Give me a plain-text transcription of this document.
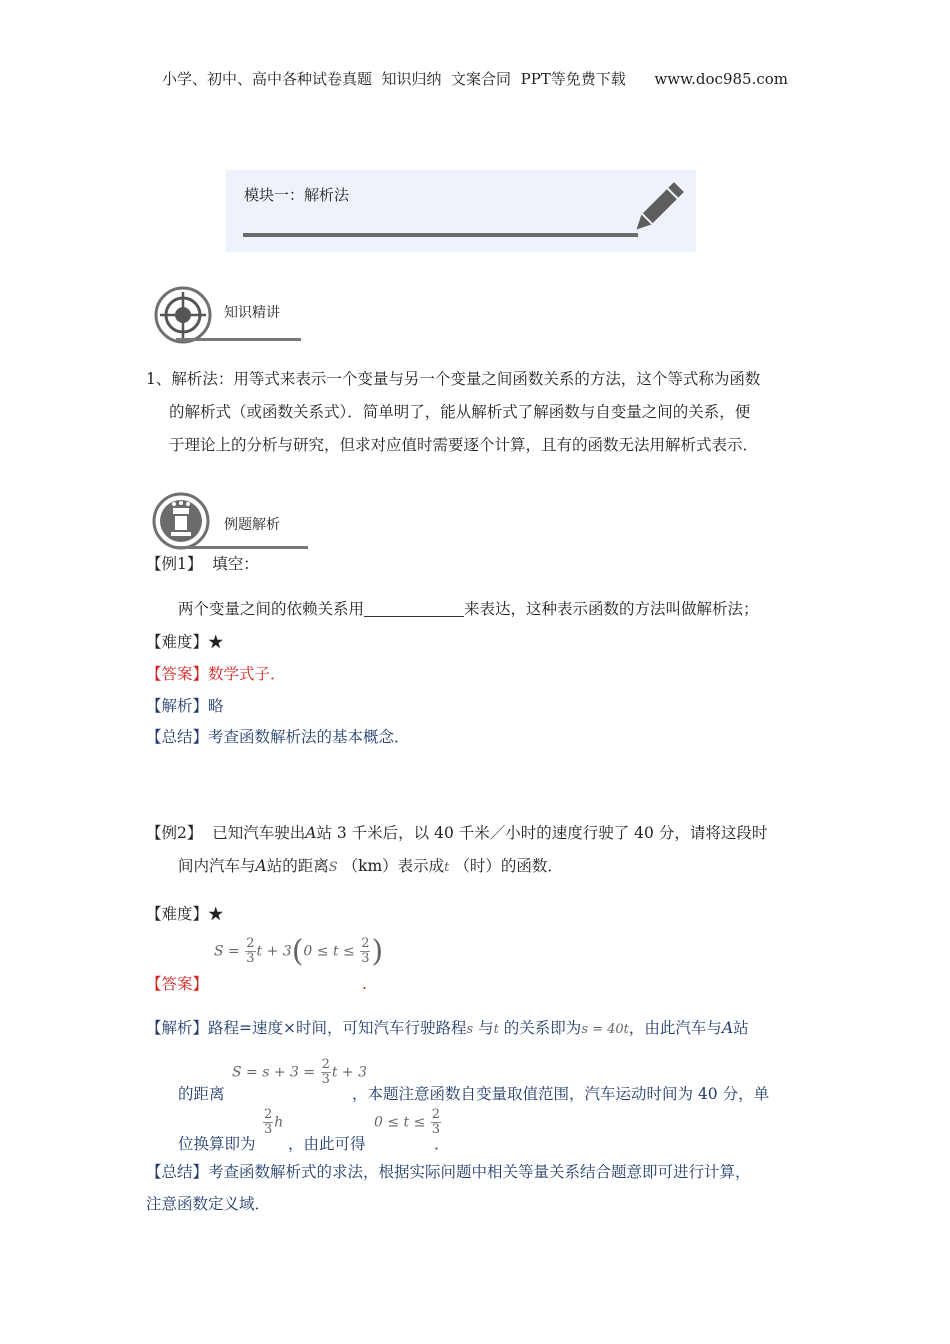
小学、初中、高中各种试卷真题  知识归纳  文案合同  PPT等免费下载 www.doc985.com
模块一：解析法
知识精讲
1、解析法：用等式来表示一个变量与另一个变量之间函数关系的方法，这个等式称为函数
的解析式（或函数关系式）．简单明了，能从解析式了解函数与自变量之间的关系，便
于理论上的分析与研究，但求对应值时需要逐个计算，且有的函数无法用解析式表示．
例题解析
【例1】 填空：
两个变量之间的依赖关系用	来表达，这种表示函数的方法叫做解析法；
【难度】★
【答案】数学式子．
【解析】略
【总结】考查函数解析法的基本概念．
【例2】 已知汽车驶出A站 3 千米后，以 40 千米／小时的速度行驶了 40 分，请将这段时
间内汽车与A站的距离S （km）表示成t （时）的函数．
【难度】★
$S = \frac{2}{3}$ $t + 3(0 \le t \le \frac{2}{3}$ )
【答案】	.
【解析】路程=速度×时间，可知汽车行驶路程s 与t 的关系即为s = 40t，由此汽车与A站
$S = s + 3 = \frac{2}{3}$ t + 3
的距离	，本题注意函数自变量取值范围，汽车运动时间为 40 分，单
位换算即为
$\frac{2}{3}$ h
，由此可得
$0 \le t \le \frac{2}{3}$
．
【总结】考查函数解析式的求法，根据实际问题中相关等量关系结合题意即可进行计算，
注意函数定义域．
